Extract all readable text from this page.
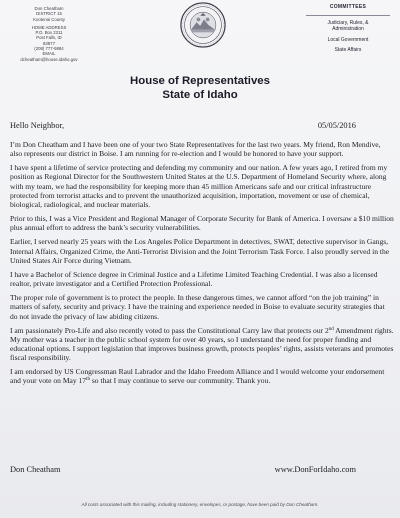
Don Cheatham
DISTRICT 15
Kootenai County
HOME ADDRESS
P.O. Box 2311
Post Falls, ID
83877
(208) 777-9884
EMAIL
dcheatham@house.idaho.gov
COMMITTEES
Judiciary, Rules, &
Administration
Local Government
State Affairs
House of Representatives
State of Idaho
Hello Neighbor,	05/05/2016

I’m Don Cheatham and I have been one of your two State Representatives for the last two years. My friend, Ron Mendive, also represents our district in Boise. I am running for re-election and I would be honored to have your support.

I have spent a lifetime of service protecting and defending my community and our nation. A few years ago, I retired from my position as Regional Director for the Southwestern United States at the U.S. Department of Homeland Security where, along with my team, we had the responsibility for keeping more than 45 million Americans safe and our critical infrastructure protected from terrorist attacks and to prevent the unauthorized acquisition, importation, movement or use of chemical, biological, radiological, and nuclear materials.

Prior to this, I was a Vice President and Regional Manager of Corporate Security for Bank of America. I oversaw a $10 million plus annual effort to address the bank’s security vulnerabilities.

Earlier, I served nearly 25 years with the Los Angeles Police Department in detectives, SWAT, detective supervisor in Gangs, Internal Affairs, Organized Crime, the Anti-Terrorist Division and the Joint Terrorism Task Force. I also proudly served in the United States Air Force during Vietnam.

I have a Bachelor of Science degree in Criminal Justice and a Lifetime Limited Teaching Credential. I was also a licensed realtor, private investigator and a Certified Protection Professional.

The proper role of government is to protect the people. In these dangerous times, we cannot afford “on the job training” in matters of safety, security and privacy. I have the training and experience needed in Boise to evaluate security strategies that do not invade the privacy of law abiding citizens.

I am passionately Pro-Life and also recently voted to pass the Constitutional Carry law that protects our 2nd Amendment rights. My mother was a teacher in the public school system for over 40 years, so I understand the need for proper funding and educational options. I support legislation that improves business growth, protects peoples’ rights, assists veterans and promotes fiscal responsibility.

I am endorsed by US Congressman Raul Labrador and the Idaho Freedom Alliance and I would welcome your endorsement and your vote on May 17th so that I may continue to serve our community. Thank you.

Don Cheatham	www.DonForIdaho.com
All costs associated with this mailing, including stationery, envelopes, or postage, have been paid by Don Cheatham.
